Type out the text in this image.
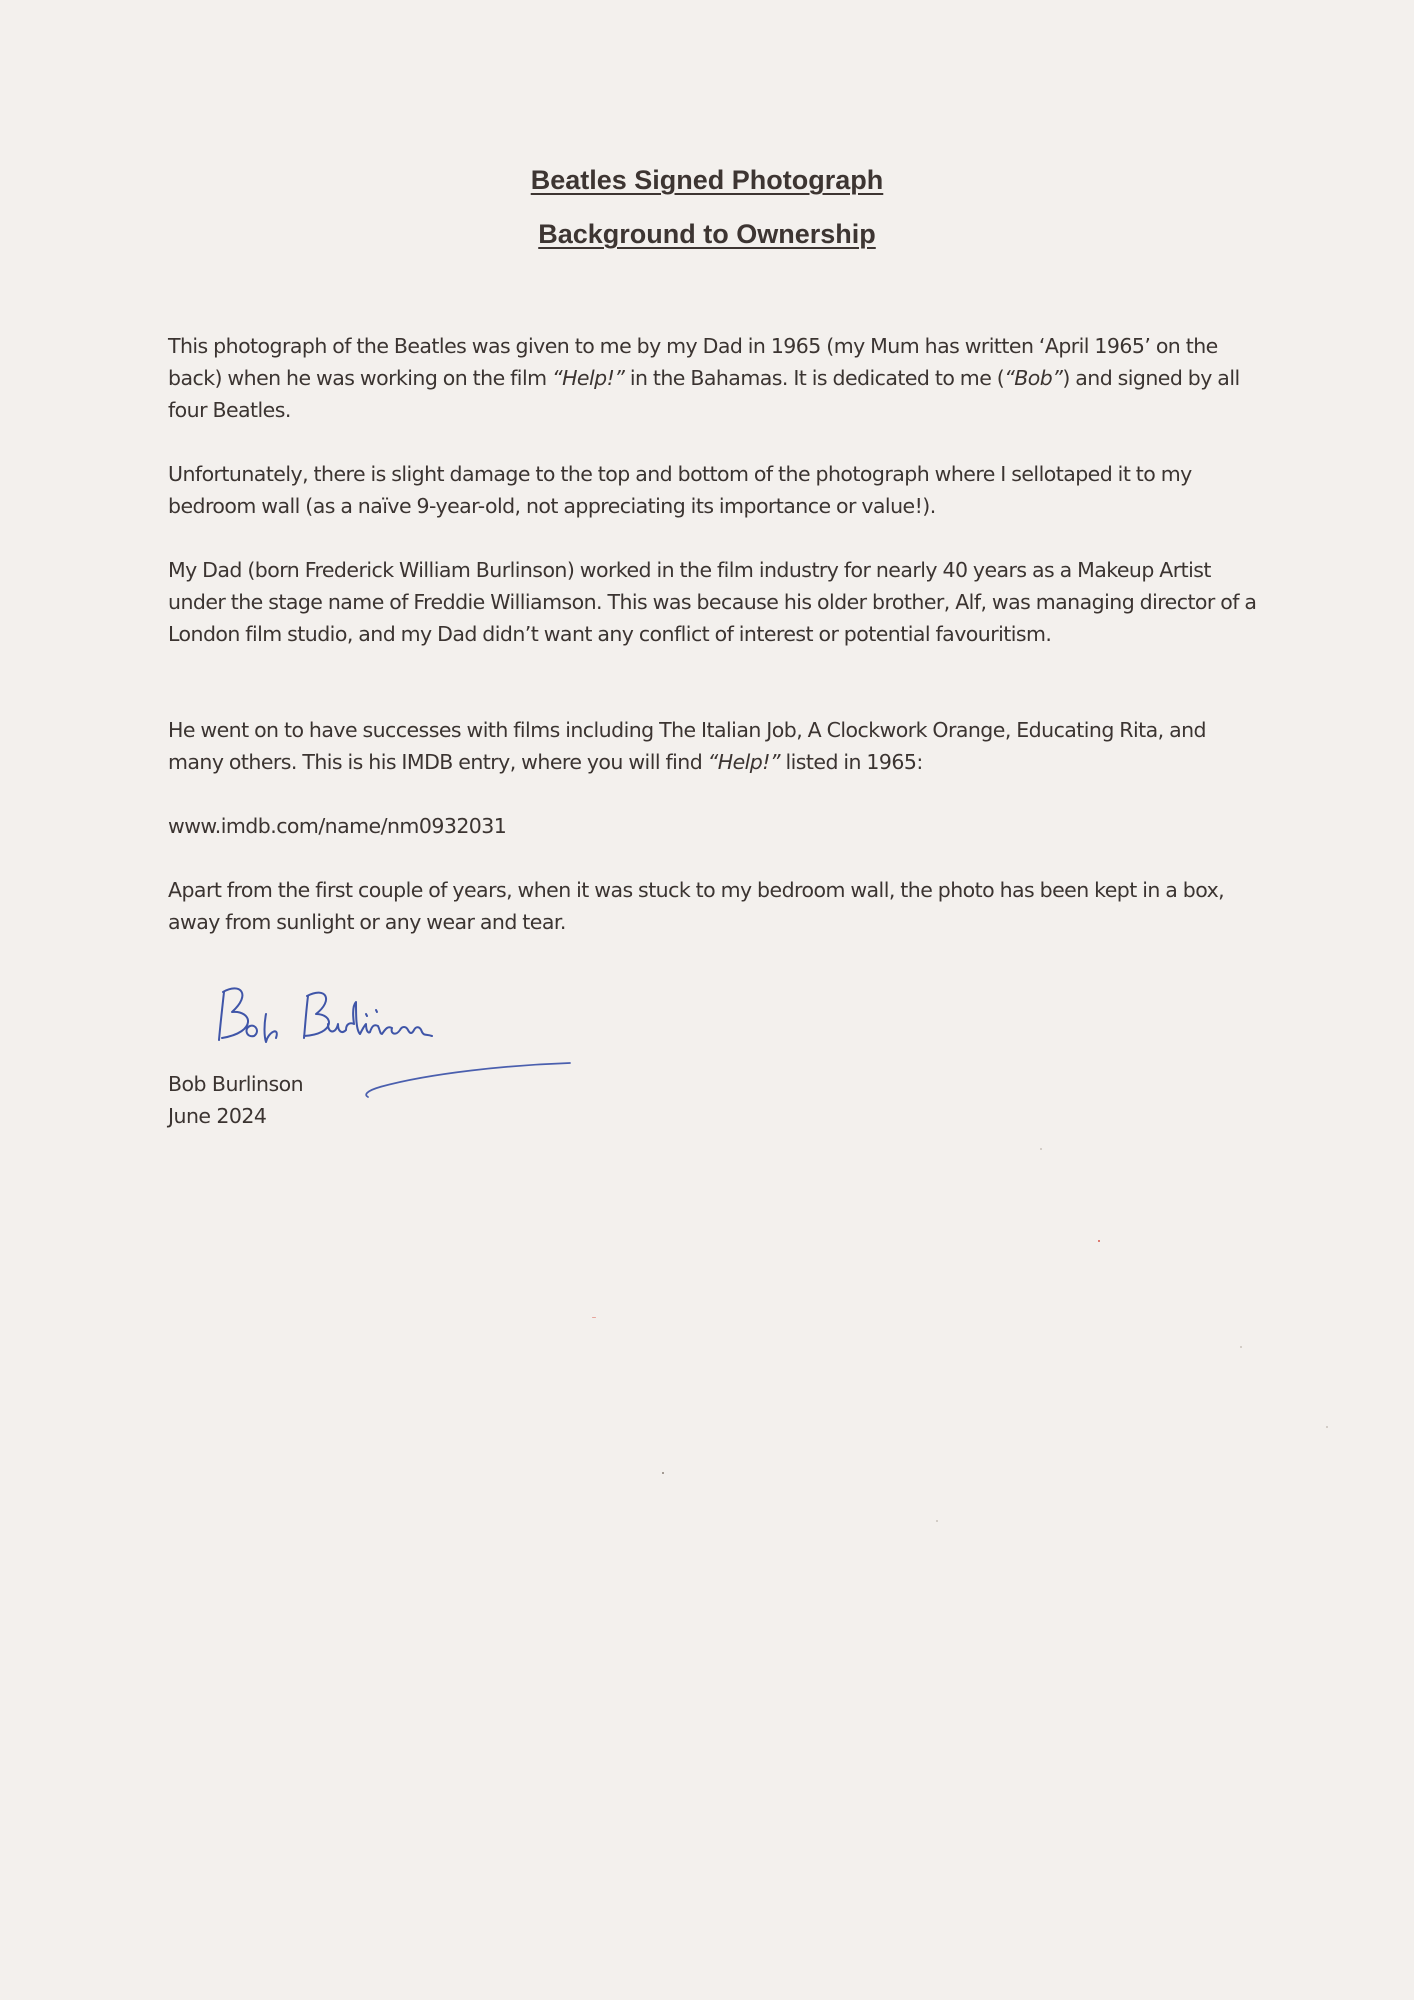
Beatles Signed Photograph
Background to Ownership

This photograph of the Beatles was given to me by my Dad in 1965 (my Mum has written ‘April 1965’ on the back) when he was working on the film “Help!” in the Bahamas. It is dedicated to me (“Bob”) and signed by all four Beatles.

Unfortunately, there is slight damage to the top and bottom of the photograph where I sellotaped it to my bedroom wall (as a naïve 9-year-old, not appreciating its importance or value!).

My Dad (born Frederick William Burlinson) worked in the film industry for nearly 40 years as a Makeup Artist under the stage name of Freddie Williamson. This was because his older brother, Alf, was managing director of a London film studio, and my Dad didn’t want any conflict of interest or potential favouritism.

He went on to have successes with films including The Italian Job, A Clockwork Orange, Educating Rita, and many others. This is his IMDB entry, where you will find “Help!” listed in 1965:

www.imdb.com/name/nm0932031

Apart from the first couple of years, when it was stuck to my bedroom wall, the photo has been kept in a box, away from sunlight or any wear and tear.

Bob Burlinson

June 2024
